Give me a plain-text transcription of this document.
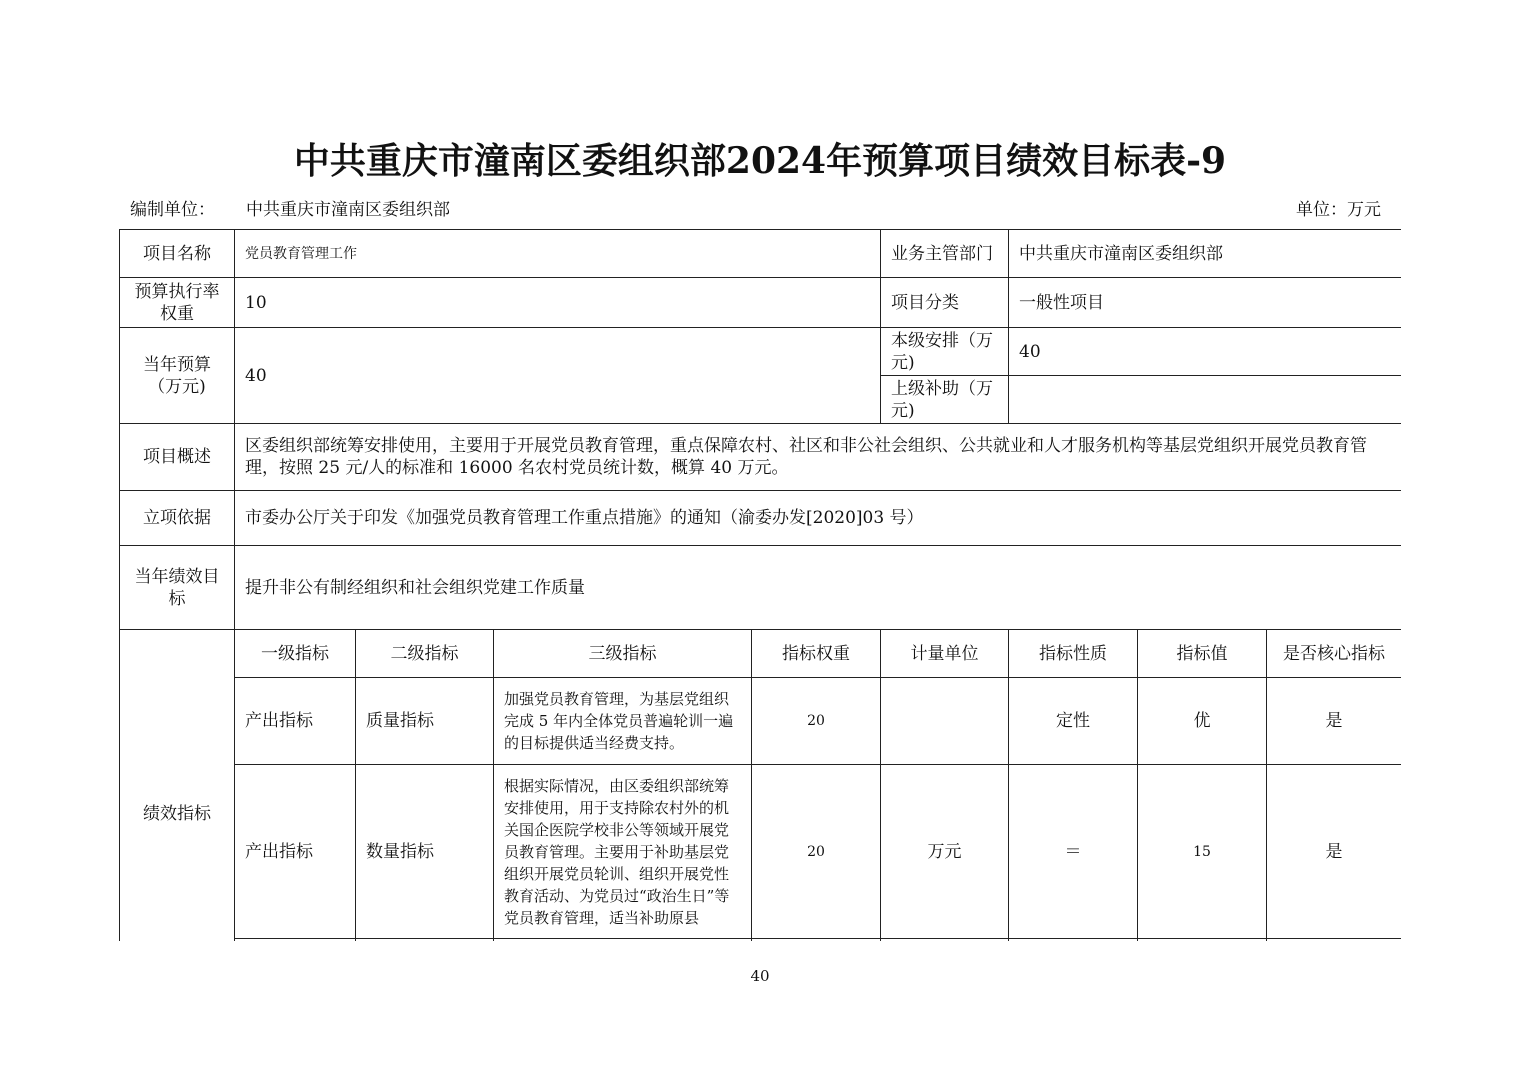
中共重庆市潼南区委组织部2024年预算项目绩效目标表-9
编制单位： 中共重庆市潼南区委组织部	单位：万元
项目名称	党员教育管理工作				业务主管部门	中共重庆市潼南区委组织部		
预算执行率权重	10				项目分类	一般性项目		
当年预算（万元)	40				本级安排（万元)	40		
					上级补助（万元)			
项目概述	区委组织部统筹安排使用，主要用于开展党员教育管理，重点保障农村、社区和非公社会组织、公共就业和人才服务机构等基层党组织开展党员教育管理，按照 25 元/人的标准和 16000 名农村党员统计数，概算 40 万元。							
立项依据	市委办公厅关于印发《加强党员教育管理工作重点措施》的通知（渝委办发[2020]03 号）							
当年绩效目标	提升非公有制经组织和社会组织党建工作质量							
绩效指标	一级指标	二级指标	三级指标	指标权重	计量单位	指标性质	指标值	是否核心指标
	产出指标	质量指标	加强党员教育管理，为基层党组织完成 5 年内全体党员普遍轮训一遍的目标提供适当经费支持。	20		定性	优	是
	产出指标	数量指标	根据实际情况，由区委组织部统筹安排使用，用于支持除农村外的机关国企医院学校非公等领域开展党员教育管理。主要用于补助基层党组织开展党员轮训、组织开展党性教育活动、为党员过“政治生日”等党员教育管理，适当补助原县	20	万元	＝	15	是

40
